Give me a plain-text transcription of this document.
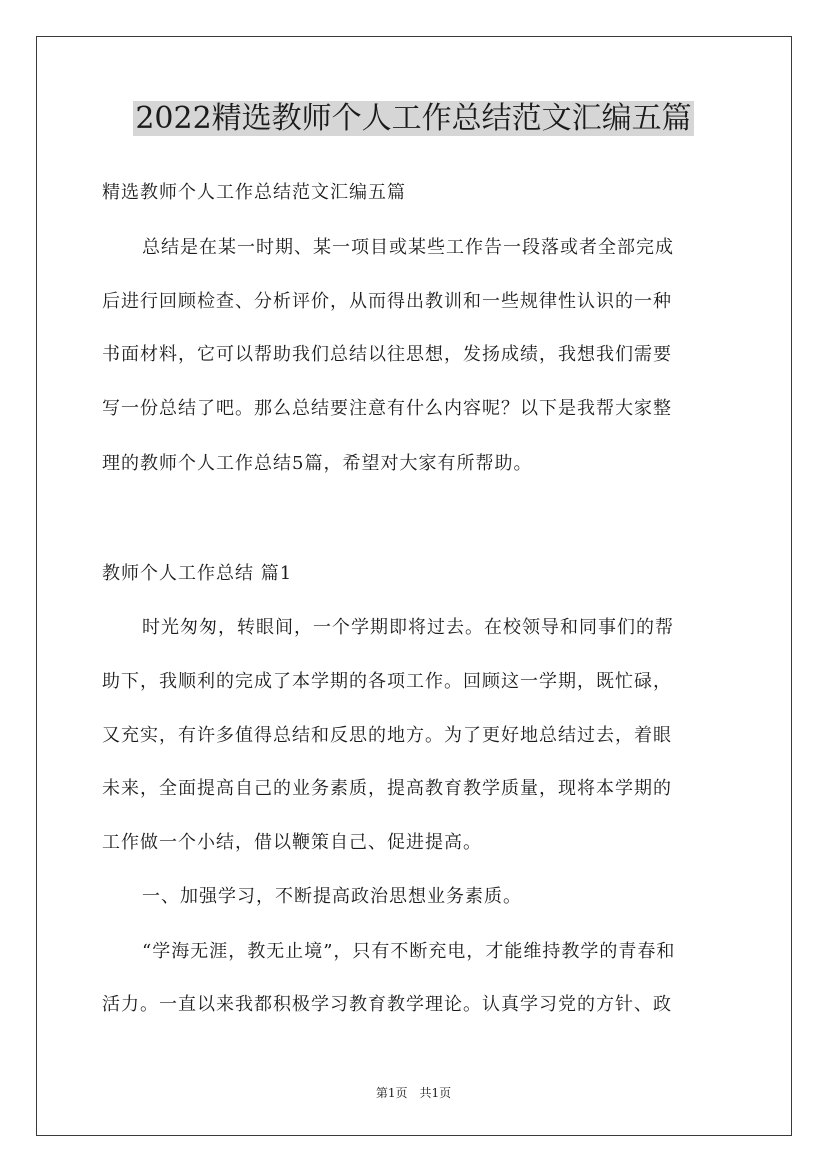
2022精选教师个人工作总结范文汇编五篇
精选教师个人工作总结范文汇编五篇
总结是在某一时期、某一项目或某些工作告一段落或者全部完成
后进行回顾检查、分析评价，从而得出教训和一些规律性认识的一种
书面材料，它可以帮助我们总结以往思想，发扬成绩，我想我们需要
写一份总结了吧。那么总结要注意有什么内容呢？以下是我帮大家整
理的教师个人工作总结5篇，希望对大家有所帮助。
教师个人工作总结 篇1
时光匆匆，转眼间，一个学期即将过去。在校领导和同事们的帮
助下，我顺利的完成了本学期的各项工作。回顾这一学期，既忙碌，
又充实，有许多值得总结和反思的地方。为了更好地总结过去，着眼
未来，全面提高自己的业务素质，提高教育教学质量，现将本学期的
工作做一个小结，借以鞭策自己、促进提高。
一、加强学习，不断提高政治思想业务素质。
“学海无涯，教无止境”，只有不断充电，才能维持教学的青春和
活力。一直以来我都积极学习教育教学理论。认真学习党的方针、政
第1页　共1页
